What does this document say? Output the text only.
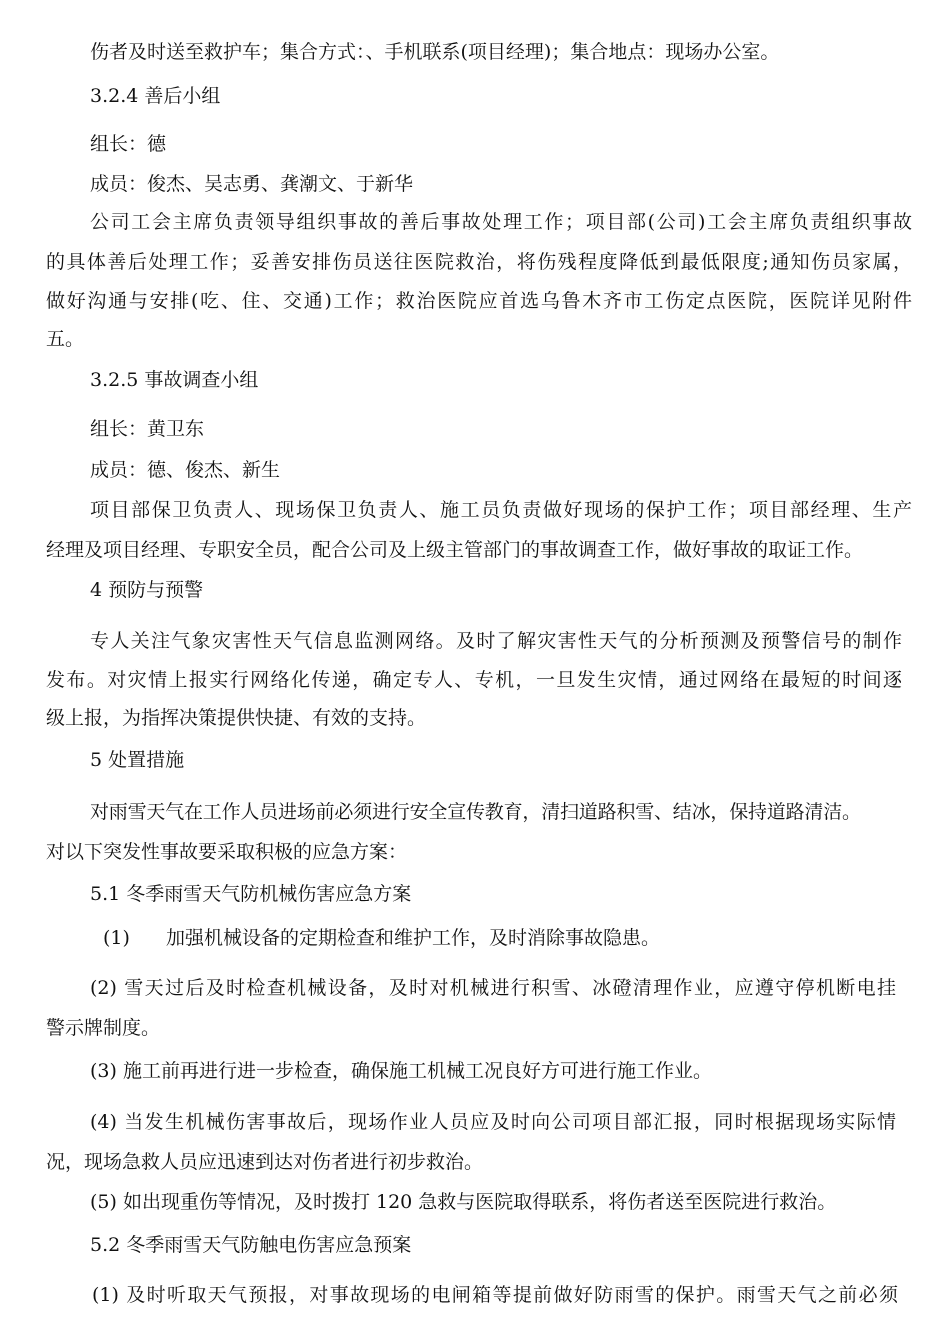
伤者及时送至救护车；集合方式：、手机联系(项目经理)；集合地点：现场办公室。
3.2.4 善后小组
组长：德
成员：俊杰、吴志勇、龚潮文、于新华
公司工会主席负责领导组织事故的善后事故处理工作；项目部(公司)工会主席负责组织事故
的具体善后处理工作；妥善安排伤员送往医院救治，将伤残程度降低到最低限度;通知伤员家属，
做好沟通与安排(吃、住、交通)工作；救治医院应首选乌鲁木齐市工伤定点医院，医院详见附件
五。
3.2.5 事故调查小组
组长：黄卫东
成员：德、俊杰、新生
项目部保卫负责人、现场保卫负责人、施工员负责做好现场的保护工作；项目部经理、生产
经理及项目经理、专职安全员，配合公司及上级主管部门的事故调查工作，做好事故的取证工作。
4 预防与预警
专人关注气象灾害性天气信息监测网络。及时了解灾害性天气的分析预测及预警信号的制作
发布。对灾情上报实行网络化传递，确定专人、专机，一旦发生灾情，通过网络在最短的时间逐
级上报，为指挥决策提供快捷、有效的支持。
5 处置措施
对雨雪天气在工作人员进场前必须进行安全宣传教育，清扫道路积雪、结冰，保持道路清洁。
对以下突发性事故要采取积极的应急方案：
5.1 冬季雨雪天气防机械伤害应急方案
(1) 加强机械设备的定期检查和维护工作，及时消除事故隐患。
(2) 雪天过后及时检查机械设备，及时对机械进行积雪、冰磴清理作业，应遵守停机断电挂
警示牌制度。
(3) 施工前再进行进一步检查，确保施工机械工况良好方可进行施工作业。
(4) 当发生机械伤害事故后，现场作业人员应及时向公司项目部汇报，同时根据现场实际情
况，现场急救人员应迅速到达对伤者进行初步救治。
(5) 如出现重伤等情况，及时拨打 120 急救与医院取得联系，将伤者送至医院进行救治。
5.2 冬季雨雪天气防触电伤害应急预案
(1) 及时听取天气预报，对事故现场的电闸箱等提前做好防雨雪的保护。雨雪天气之前必须
